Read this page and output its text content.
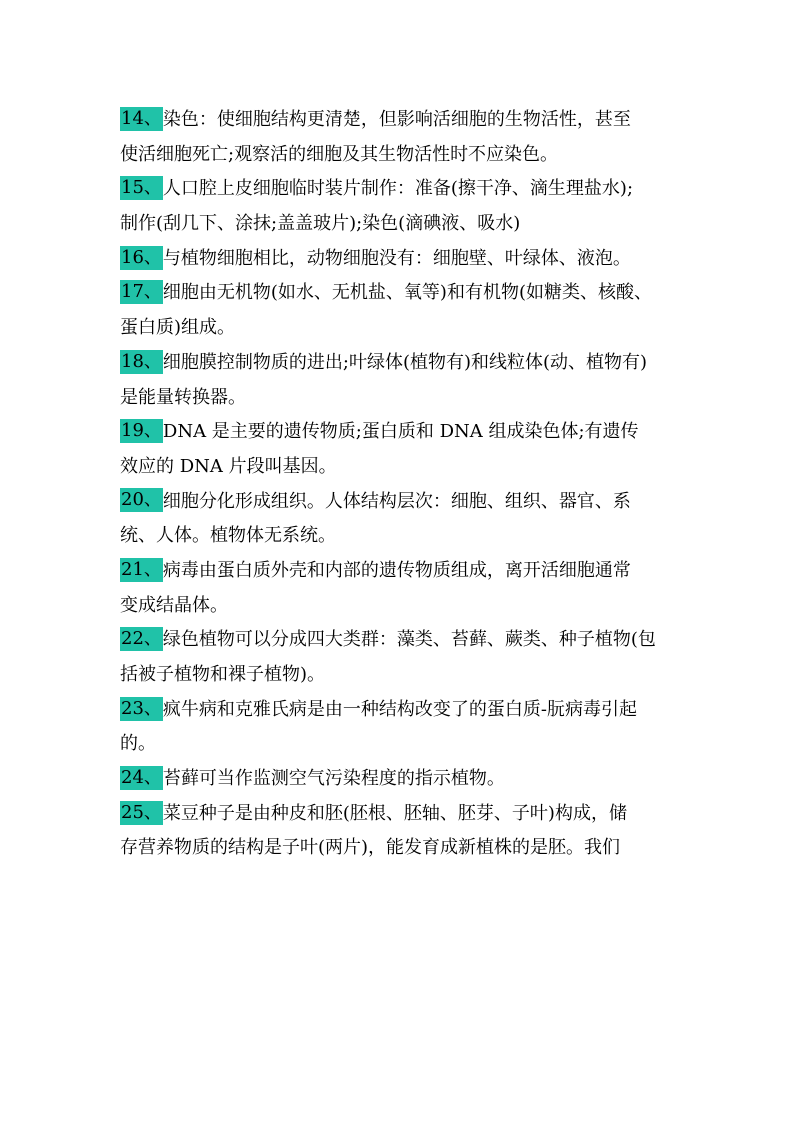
14、染色：使细胞结构更清楚，但影响活细胞的生物活性，甚至
使活细胞死亡;观察活的细胞及其生物活性时不应染色。
15、人口腔上皮细胞临时装片制作：准备(擦干净、滴生理盐水);
制作(刮几下、涂抹;盖盖玻片);染色(滴碘液、吸水)
16、与植物细胞相比，动物细胞没有：细胞壁、叶绿体、液泡。
17、细胞由无机物(如水、无机盐、氧等)和有机物(如糖类、核酸、
蛋白质)组成。
18、细胞膜控制物质的进出;叶绿体(植物有)和线粒体(动、植物有)
是能量转换器。
19、DNA 是主要的遗传物质;蛋白质和 DNA 组成染色体;有遗传
效应的 DNA 片段叫基因。
20、细胞分化形成组织。人体结构层次：细胞、组织、器官、系
统、人体。植物体无系统。
21、病毒由蛋白质外壳和内部的遗传物质组成，离开活细胞通常
变成结晶体。
22、绿色植物可以分成四大类群：藻类、苔藓、蕨类、种子植物(包
括被子植物和裸子植物)。
23、疯牛病和克雅氏病是由一种结构改变了的蛋白质-朊病毒引起
的。
24、苔藓可当作监测空气污染程度的指示植物。
25、菜豆种子是由种皮和胚(胚根、胚轴、胚芽、子叶)构成，储
存营养物质的结构是子叶(两片)，能发育成新植株的是胚。我们
